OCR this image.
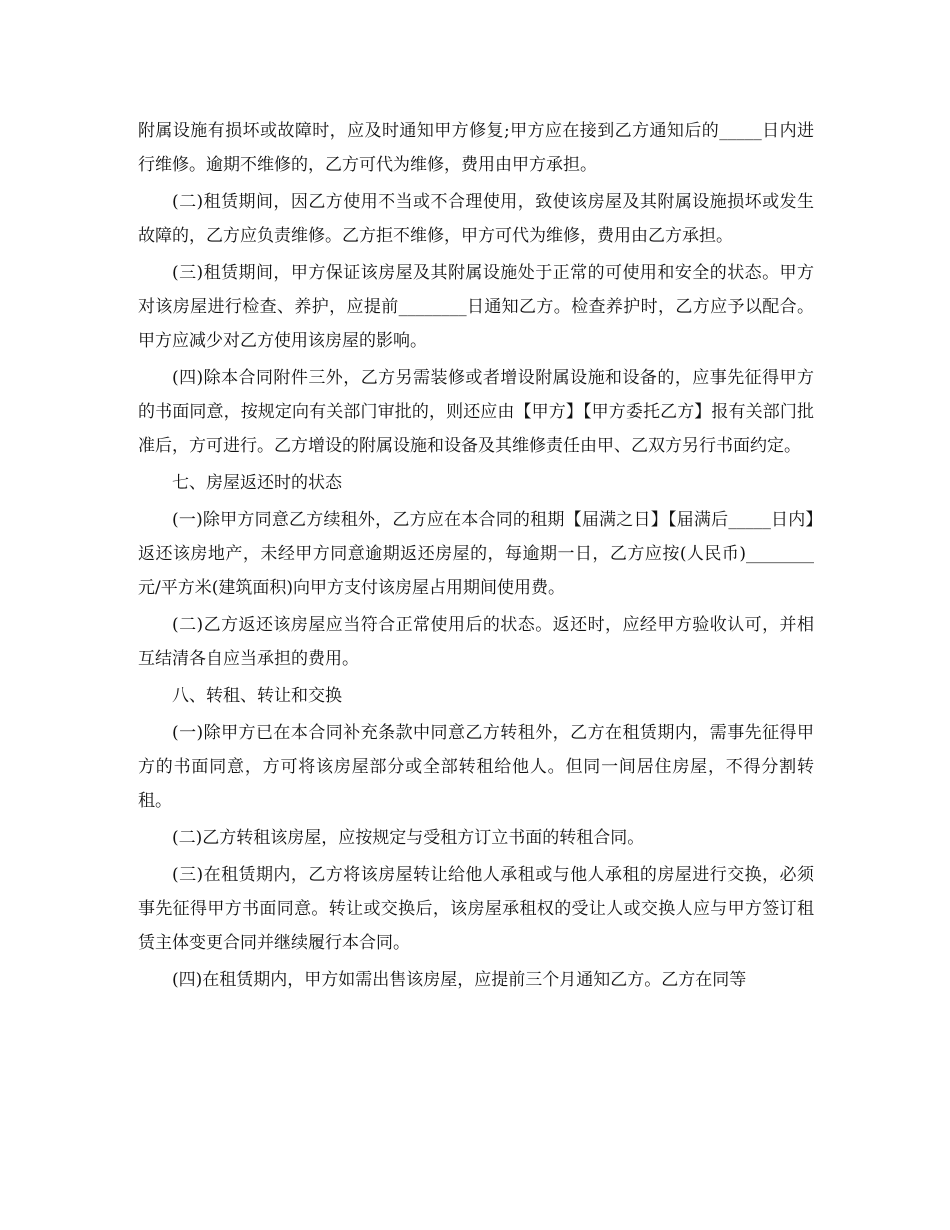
附属设施有损坏或故障时，应及时通知甲方修复;甲方应在接到乙方通知后的_____日内进行维修。逾期不维修的，乙方可代为维修，费用由甲方承担。

(二)租赁期间，因乙方使用不当或不合理使用，致使该房屋及其附属设施损坏或发生故障的，乙方应负责维修。乙方拒不维修，甲方可代为维修，费用由乙方承担。

(三)租赁期间，甲方保证该房屋及其附属设施处于正常的可使用和安全的状态。甲方对该房屋进行检查、养护，应提前________日通知乙方。检查养护时，乙方应予以配合。甲方应减少对乙方使用该房屋的影响。

(四)除本合同附件三外，乙方另需装修或者增设附属设施和设备的，应事先征得甲方的书面同意，按规定向有关部门审批的，则还应由【甲方】【甲方委托乙方】报有关部门批准后，方可进行。乙方增设的附属设施和设备及其维修责任由甲、乙双方另行书面约定。

七、房屋返还时的状态

(一)除甲方同意乙方续租外，乙方应在本合同的租期【届满之日】【届满后_____日内】返还该房地产，未经甲方同意逾期返还房屋的，每逾期一日，乙方应按(人民币)________元/平方米(建筑面积)向甲方支付该房屋占用期间使用费。

(二)乙方返还该房屋应当符合正常使用后的状态。返还时，应经甲方验收认可，并相互结清各自应当承担的费用。

八、转租、转让和交换

(一)除甲方已在本合同补充条款中同意乙方转租外，乙方在租赁期内，需事先征得甲方的书面同意，方可将该房屋部分或全部转租给他人。但同一间居住房屋，不得分割转租。

(二)乙方转租该房屋，应按规定与受租方订立书面的转租合同。

(三)在租赁期内，乙方将该房屋转让给他人承租或与他人承租的房屋进行交换，必须事先征得甲方书面同意。转让或交换后，该房屋承租权的受让人或交换人应与甲方签订租赁主体变更合同并继续履行本合同。

(四)在租赁期内，甲方如需出售该房屋，应提前三个月通知乙方。乙方在同等
